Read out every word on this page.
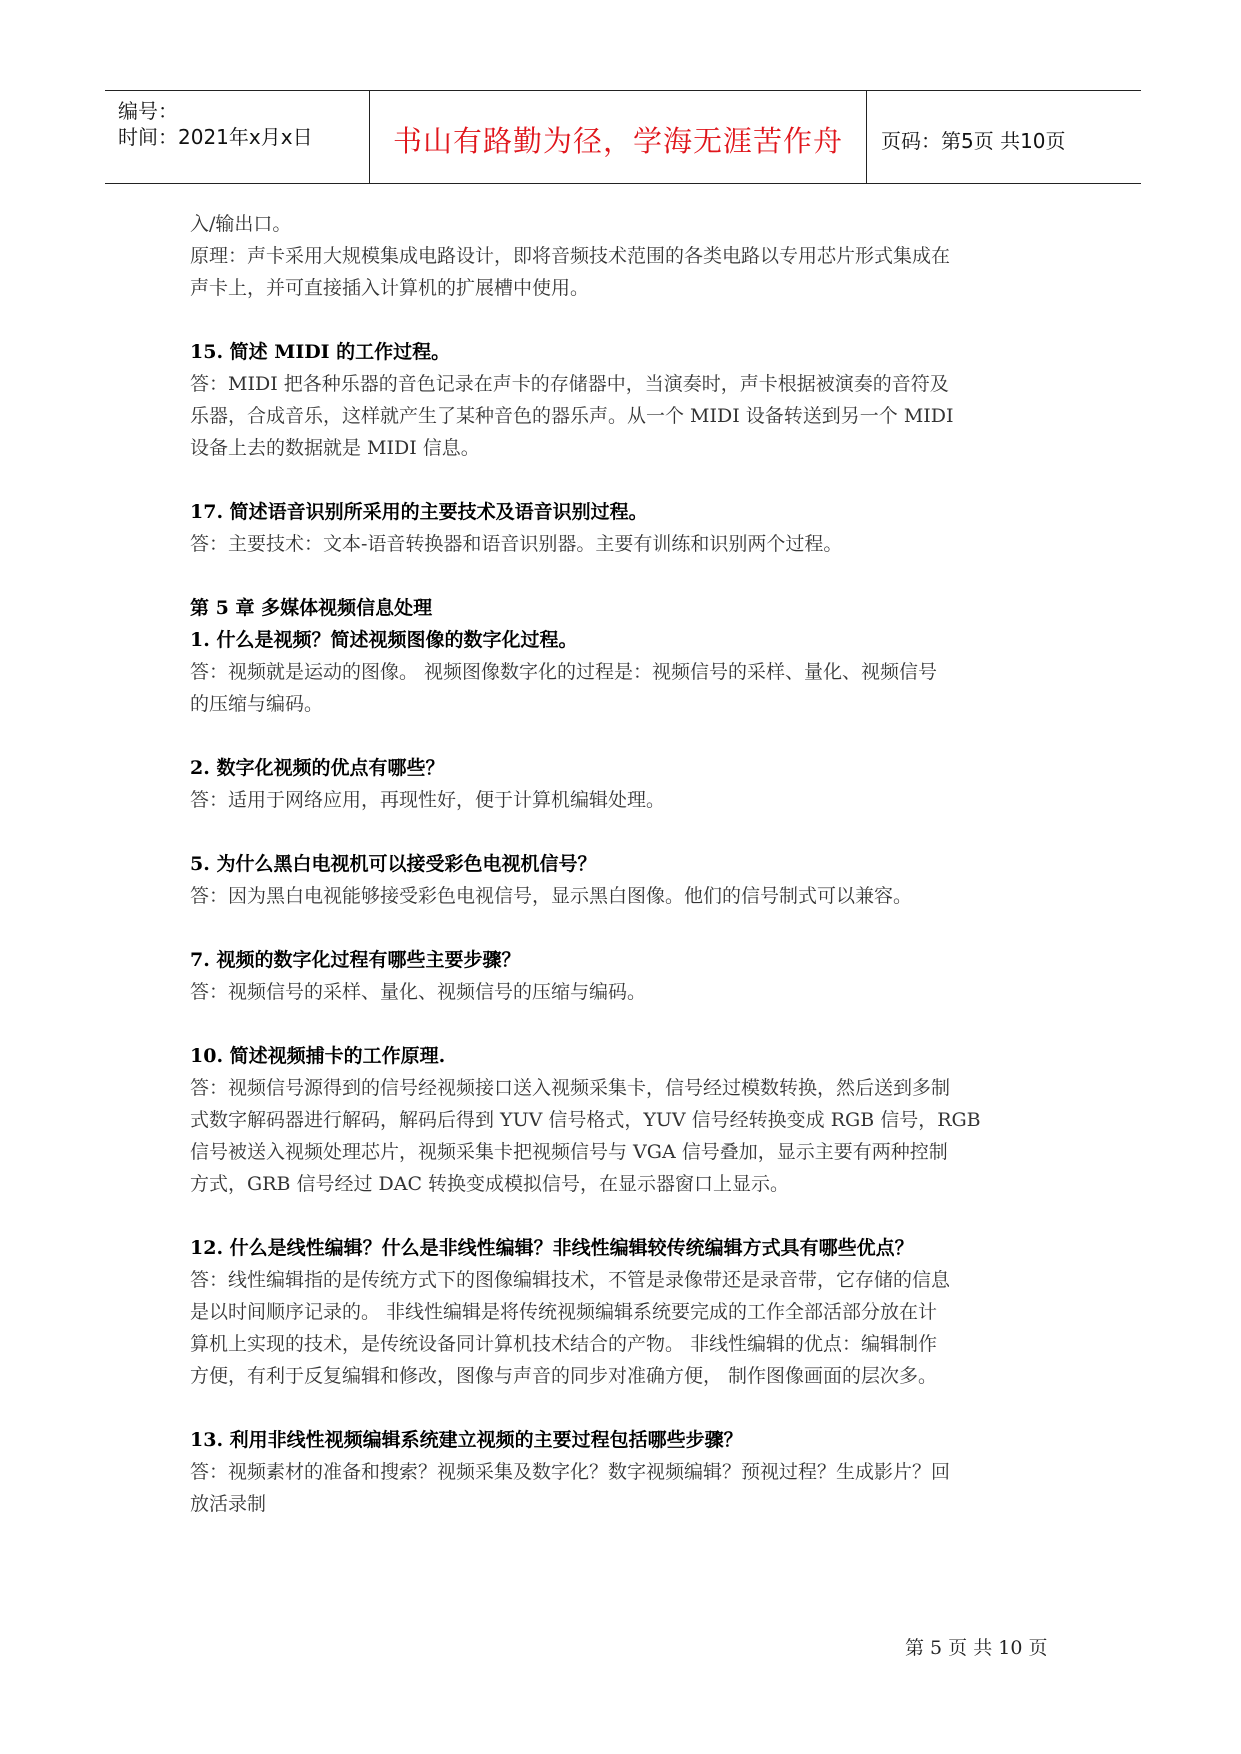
编号：
时间：2021年x月x日	书山有路勤为径，学海无涯苦作舟	页码：第5页 共10页
入/输出口。
原理：声卡采用大规模集成电路设计，即将音频技术范围的各类电路以专用芯片形式集成在
声卡上，并可直接插入计算机的扩展槽中使用。
15. 简述 MIDI 的工作过程。
答：MIDI 把各种乐器的音色记录在声卡的存储器中，当演奏时，声卡根据被演奏的音符及
乐器，合成音乐，这样就产生了某种音色的器乐声。从一个 MIDI 设备转送到另一个 MIDI
设备上去的数据就是 MIDI 信息。
17. 简述语音识别所采用的主要技术及语音识别过程。
答：主要技术：文本-语音转换器和语音识别器。主要有训练和识别两个过程。
第 5 章 多媒体视频信息处理
1. 什么是视频？简述视频图像的数字化过程。
答：视频就是运动的图像。 视频图像数字化的过程是：视频信号的采样、量化、视频信号
的压缩与编码。
2. 数字化视频的优点有哪些？
答：适用于网络应用，再现性好，便于计算机编辑处理。
5. 为什么黑白电视机可以接受彩色电视机信号？
答：因为黑白电视能够接受彩色电视信号，显示黑白图像。他们的信号制式可以兼容。
7. 视频的数字化过程有哪些主要步骤？
答：视频信号的采样、量化、视频信号的压缩与编码。
10. 简述视频捕卡的工作原理.
答：视频信号源得到的信号经视频接口送入视频采集卡，信号经过模数转换，然后送到多制
式数字解码器进行解码，解码后得到 YUV 信号格式，YUV 信号经转换变成 RGB 信号，RGB
信号被送入视频处理芯片，视频采集卡把视频信号与 VGA 信号叠加，显示主要有两种控制
方式，GRB 信号经过 DAC 转换变成模拟信号，在显示器窗口上显示。
12. 什么是线性编辑？什么是非线性编辑？非线性编辑较传统编辑方式具有哪些优点？
答：线性编辑指的是传统方式下的图像编辑技术，不管是录像带还是录音带，它存储的信息
是以时间顺序记录的。 非线性编辑是将传统视频编辑系统要完成的工作全部活部分放在计
算机上实现的技术，是传统设备同计算机技术结合的产物。 非线性编辑的优点：编辑制作
方便，有利于反复编辑和修改，图像与声音的同步对准确方便， 制作图像画面的层次多。
13. 利用非线性视频编辑系统建立视频的主要过程包括哪些步骤？
答：视频素材的准备和搜索？视频采集及数字化？数字视频编辑？预视过程？生成影片？回
放活录制
第 5 页 共 10 页
